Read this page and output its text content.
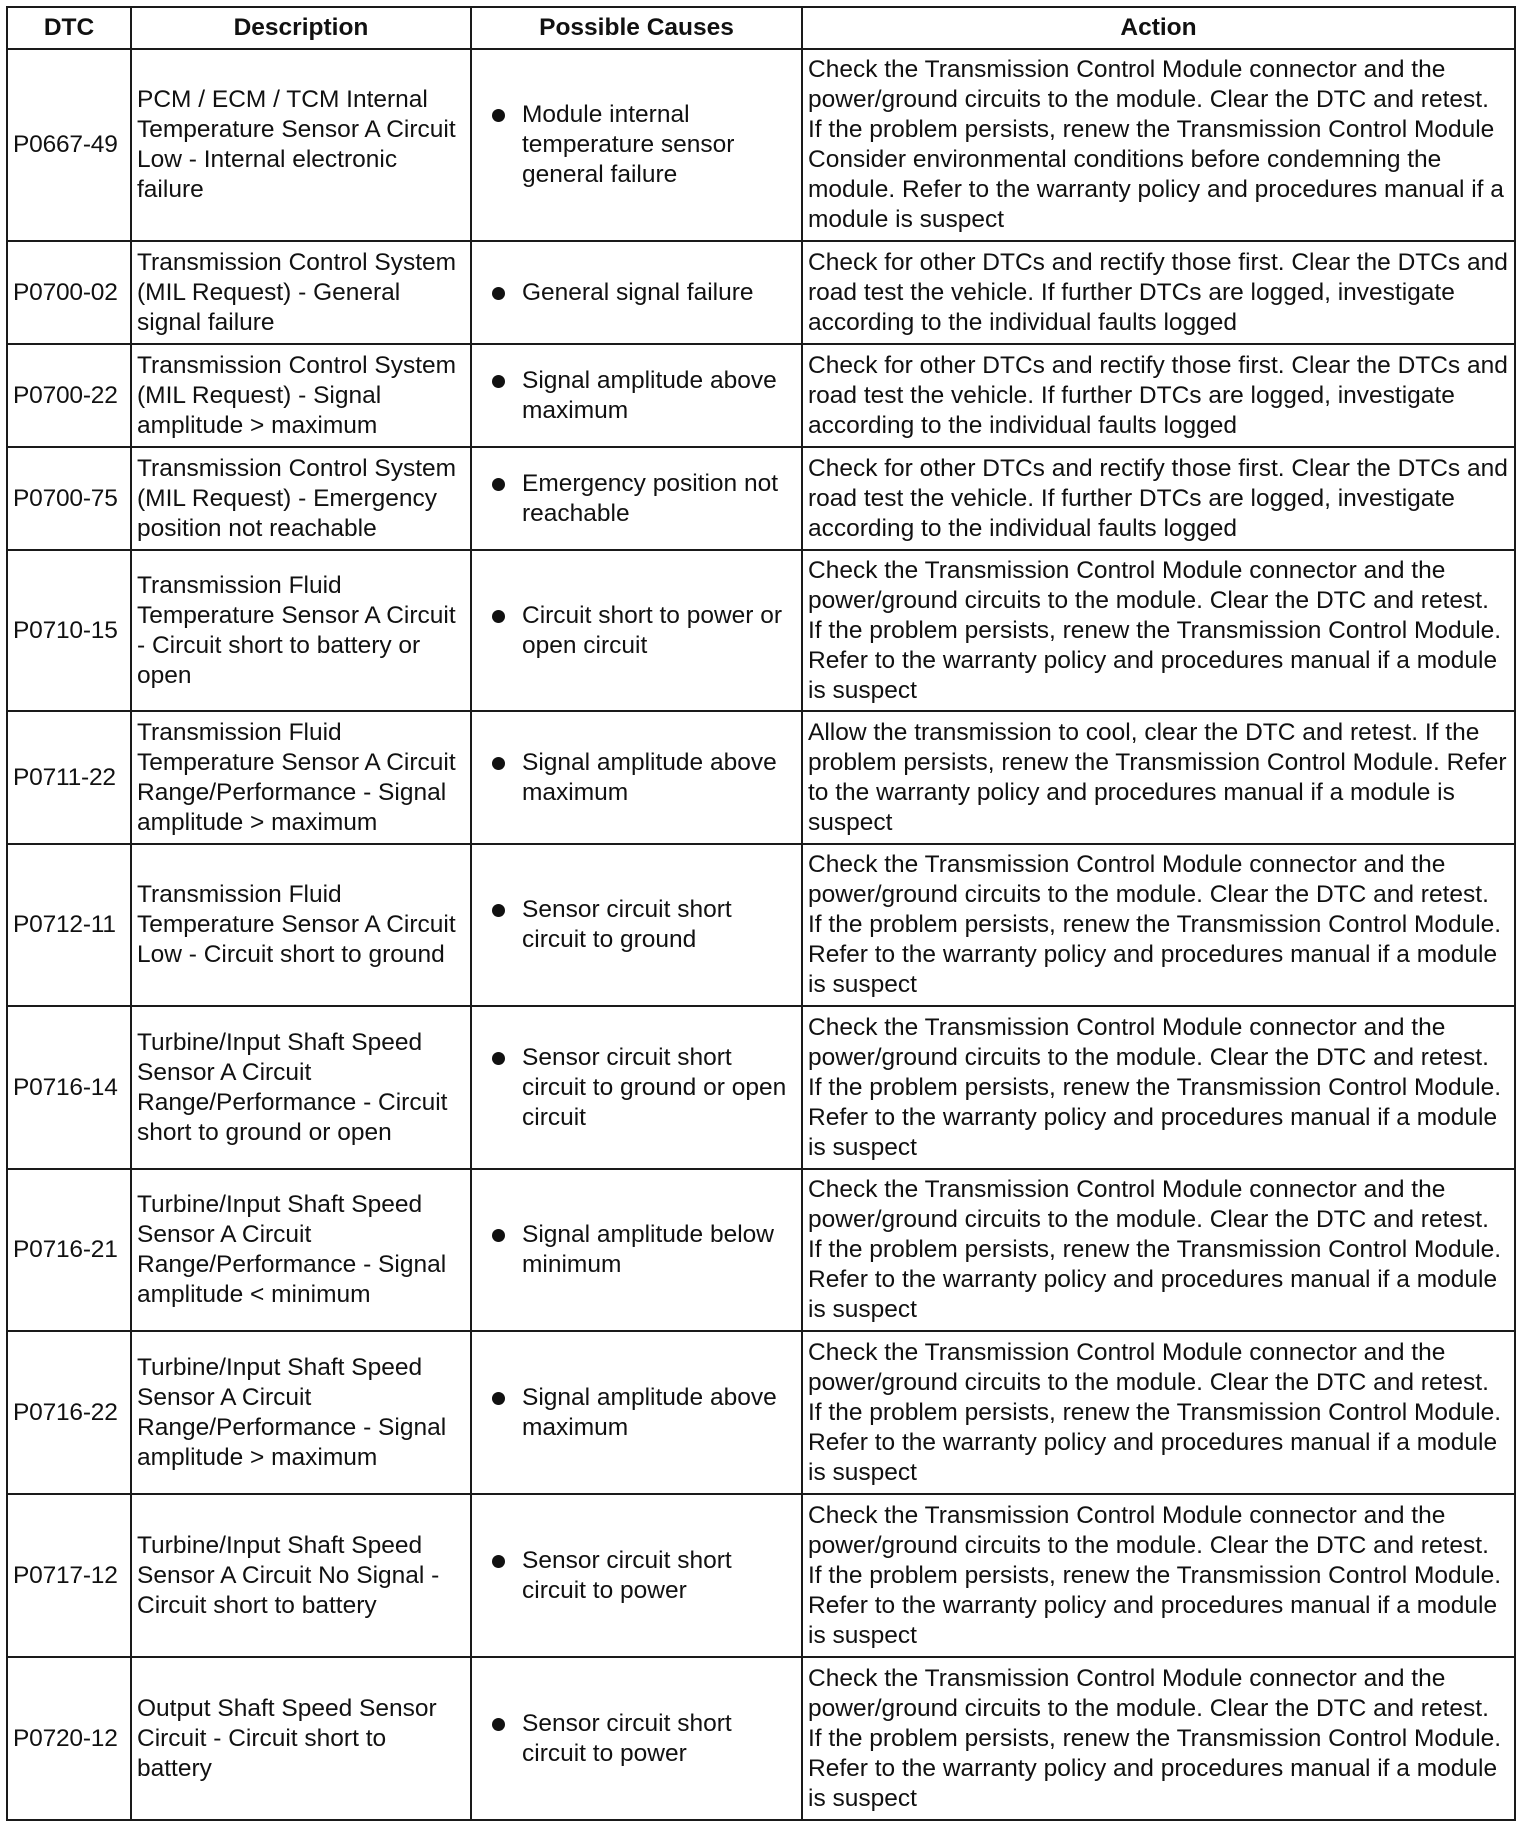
DTC	Description	Possible Causes	Action
P0667-49	PCM / ECM / TCM Internal Temperature Sensor A Circuit Low - Internal electronic failure	Module internal temperature sensor general failure	Check the Transmission Control Module connector and the power/ground circuits to the module. Clear the DTC and retest. If the problem persists, renew the Transmission Control Module Consider environmental conditions before condemning the module. Refer to the warranty policy and procedures manual if a module is suspect
P0700-02	Transmission Control System (MIL Request) - General signal failure	General signal failure	Check for other DTCs and rectify those first. Clear the DTCs and road test the vehicle. If further DTCs are logged, investigate according to the individual faults logged
P0700-22	Transmission Control System (MIL Request) - Signal amplitude > maximum	Signal amplitude above maximum	Check for other DTCs and rectify those first. Clear the DTCs and road test the vehicle. If further DTCs are logged, investigate according to the individual faults logged
P0700-75	Transmission Control System (MIL Request) - Emergency position not reachable	Emergency position not reachable	Check for other DTCs and rectify those first. Clear the DTCs and road test the vehicle. If further DTCs are logged, investigate according to the individual faults logged
P0710-15	Transmission Fluid Temperature Sensor A Circuit - Circuit short to battery or open	Circuit short to power or open circuit	Check the Transmission Control Module connector and the power/ground circuits to the module. Clear the DTC and retest. If the problem persists, renew the Transmission Control Module. Refer to the warranty policy and procedures manual if a module is suspect
P0711-22	Transmission Fluid Temperature Sensor A Circuit Range/Performance - Signal amplitude > maximum	Signal amplitude above maximum	Allow the transmission to cool, clear the DTC and retest. If the problem persists, renew the Transmission Control Module. Refer to the warranty policy and procedures manual if a module is suspect
P0712-11	Transmission Fluid Temperature Sensor A Circuit Low - Circuit short to ground	Sensor circuit short circuit to ground	Check the Transmission Control Module connector and the power/ground circuits to the module. Clear the DTC and retest. If the problem persists, renew the Transmission Control Module. Refer to the warranty policy and procedures manual if a module is suspect
P0716-14	Turbine/Input Shaft Speed Sensor A Circuit Range/Performance - Circuit short to ground or open	Sensor circuit short circuit to ground or open circuit	Check the Transmission Control Module connector and the power/ground circuits to the module. Clear the DTC and retest. If the problem persists, renew the Transmission Control Module. Refer to the warranty policy and procedures manual if a module is suspect
P0716-21	Turbine/Input Shaft Speed Sensor A Circuit Range/Performance - Signal amplitude < minimum	Signal amplitude below minimum	Check the Transmission Control Module connector and the power/ground circuits to the module. Clear the DTC and retest. If the problem persists, renew the Transmission Control Module. Refer to the warranty policy and procedures manual if a module is suspect
P0716-22	Turbine/Input Shaft Speed Sensor A Circuit Range/Performance - Signal amplitude > maximum	Signal amplitude above maximum	Check the Transmission Control Module connector and the power/ground circuits to the module. Clear the DTC and retest. If the problem persists, renew the Transmission Control Module. Refer to the warranty policy and procedures manual if a module is suspect
P0717-12	Turbine/Input Shaft Speed Sensor A Circuit No Signal - Circuit short to battery	Sensor circuit short circuit to power	Check the Transmission Control Module connector and the power/ground circuits to the module. Clear the DTC and retest. If the problem persists, renew the Transmission Control Module. Refer to the warranty policy and procedures manual if a module is suspect
P0720-12	Output Shaft Speed Sensor Circuit - Circuit short to battery	Sensor circuit short circuit to power	Check the Transmission Control Module connector and the power/ground circuits to the module. Clear the DTC and retest. If the problem persists, renew the Transmission Control Module. Refer to the warranty policy and procedures manual if a module is suspect
